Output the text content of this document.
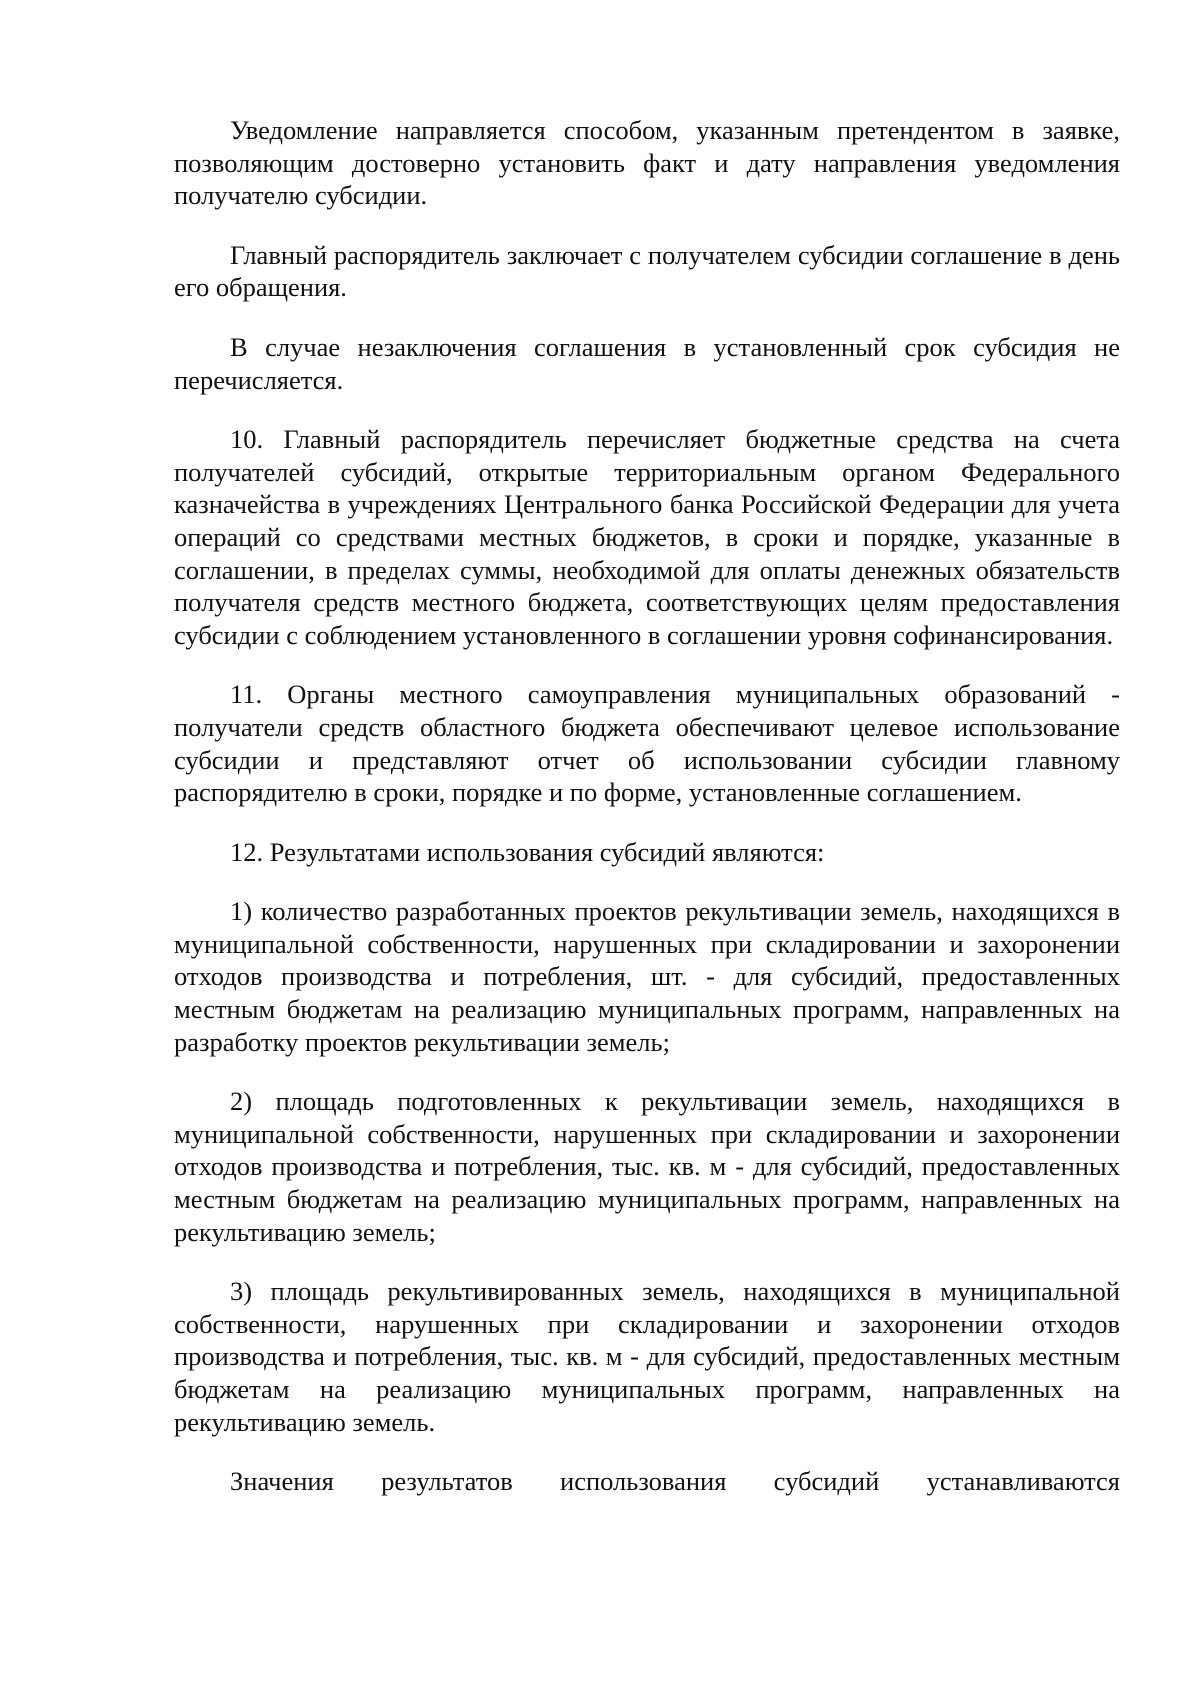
Уведомление направляется способом, указанным претендентом в заявке, позволяющим достоверно установить факт и дату направления уведомления получателю субсидии.

Главный распорядитель заключает с получателем субсидии соглашение в день его обращения.

В случае незаключения соглашения в установленный срок субсидия не перечисляется.

10. Главный распорядитель перечисляет бюджетные средства на счета получателей субсидий, открытые территориальным органом Федерального казначейства в учреждениях Центрального банка Российской Федерации для учета операций со средствами местных бюджетов, в сроки и порядке, указанные в соглашении, в пределах суммы, необходимой для оплаты денежных обязательств получателя средств местного бюджета, соответствующих целям предоставления субсидии с соблюдением установленного в соглашении уровня софинансирования.

11. Органы местного самоуправления муниципальных образований - получатели средств областного бюджета обеспечивают целевое использование субсидии и представляют отчет об использовании субсидии главному распорядителю в сроки, порядке и по форме, установленные соглашением.

12. Результатами использования субсидий являются:

1) количество разработанных проектов рекультивации земель, находящихся в муниципальной собственности, нарушенных при складировании и захоронении отходов производства и потребления, шт. - для субсидий, предоставленных местным бюджетам на реализацию муниципальных программ, направленных на разработку проектов рекультивации земель;

2) площадь подготовленных к рекультивации земель, находящихся в муниципальной собственности, нарушенных при складировании и захоронении отходов производства и потребления, тыс. кв. м - для субсидий, предоставленных местным бюджетам на реализацию муниципальных программ, направленных на рекультивацию земель;

3) площадь рекультивированных земель, находящихся в муниципальной собственности, нарушенных при складировании и захоронении отходов производства и потребления, тыс. кв. м - для субсидий, предоставленных местным бюджетам на реализацию муниципальных программ, направленных на рекультивацию земель.

Значения результатов использования субсидий устанавливаются
